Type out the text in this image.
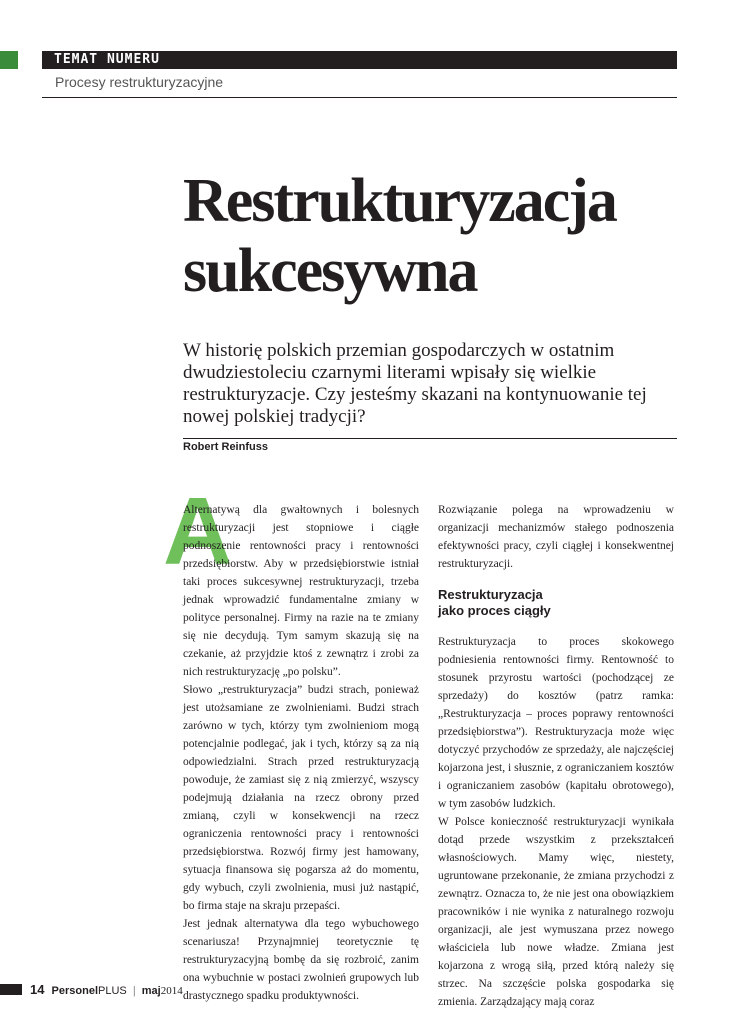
TEMAT NUMERU
Procesy restrukturyzacyjne
Restrukturyzacja
sukcesywna

W historię polskich przemian gospodarczych w ostatnim dwudziestoleciu czarnymi literami wpisały się wielkie restrukturyzacje. Czy jesteśmy skazani na kontynuowanie tej nowej polskiej tradycji?

Robert Reinfuss
A

Alternatywą dla gwałtownych i bolesnych restrukturyzacji jest stopniowe i ciągłe podnoszenie rentowności pracy i rentowności przedsiębiorstw. Aby w przedsiębiorstwie istniał taki proces sukcesywnej restrukturyzacji, trzeba jednak wprowadzić fundamentalne zmiany w polityce personalnej. Firmy na razie na te zmiany się nie decydują. Tym samym skazują się na czekanie, aż przyjdzie ktoś z zewnątrz i zrobi za nich restrukturyzację „po polsku”.

Słowo „restrukturyzacja” budzi strach, ponieważ jest utożsamiane ze zwolnieniami. Budzi strach zarówno w tych, którzy tym zwolnieniom mogą potencjalnie podlegać, jak i tych, którzy są za nią odpowiedzialni. Strach przed restrukturyzacją powoduje, że zamiast się z nią zmierzyć, wszyscy podejmują działania na rzecz obrony przed zmianą, czyli w konsekwencji na rzecz ograniczenia rentowności pracy i rentowności przedsiębiorstwa. Rozwój firmy jest hamowany, sytuacja finansowa się pogarsza aż do momentu, gdy wybuch, czyli zwolnienia, musi już nastąpić, bo firma staje na skraju przepaści.

Jest jednak alternatywa dla tego wybuchowego scenariusza! Przynajmniej teoretycznie tę restrukturyzacyjną bombę da się rozbroić, zanim ona wybuchnie w postaci zwolnień grupowych lub drastycznego spadku produktywności.

Rozwiązanie polega na wprowadzeniu w organizacji mechanizmów stałego podnoszenia efektywności pracy, czyli ciągłej i konsekwentnej restrukturyzacji.

Restrukturyzacja
jako proces ciągły

Restrukturyzacja to proces skokowego podniesienia rentowności firmy. Rentowność to stosunek przyrostu wartości (pochodzącej ze sprzedaży) do kosztów (patrz ramka: „Restrukturyzacja – proces poprawy rentowności przedsiębiorstwa”). Restrukturyzacja może więc dotyczyć przychodów ze sprzedaży, ale najczęściej kojarzona jest, i słusznie, z ograniczaniem kosztów i ograniczaniem zasobów (kapitału obrotowego), w tym zasobów ludzkich.

W Polsce konieczność restrukturyzacji wynikała dotąd przede wszystkim z przekształceń własnościowych. Mamy więc, niestety, ugruntowane przekonanie, że zmiana przychodzi z zewnątrz. Oznacza to, że nie jest ona obowiązkiem pracowników i nie wynika z naturalnego rozwoju organizacji, ale jest wymuszana przez nowego właściciela lub nowe władze. Zmiana jest kojarzona z wrogą siłą, przed którą należy się strzec. Na szczęście polska gospodarka się zmienia. Zarządzający mają coraz

14 PersonelPLUS | maj2014
